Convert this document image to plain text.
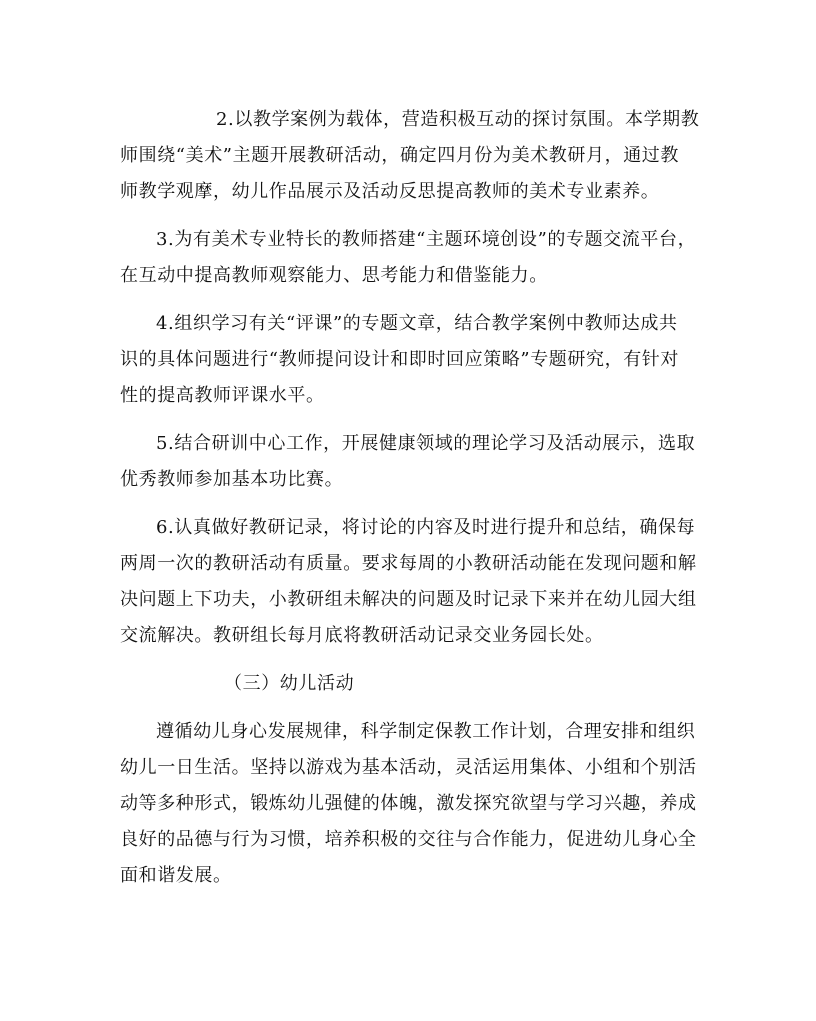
2.以教学案例为载体，营造积极互动的探讨氛围。本学期教
师围绕“美术”主题开展教研活动，确定四月份为美术教研月，通过教
师教学观摩，幼儿作品展示及活动反思提高教师的美术专业素养。
3.为有美术专业特长的教师搭建“主题环境创设”的专题交流平台，
在互动中提高教师观察能力、思考能力和借鉴能力。
4.组织学习有关“评课”的专题文章，结合教学案例中教师达成共
识的具体问题进行“教师提问设计和即时回应策略”专题研究，有针对
性的提高教师评课水平。
5.结合研训中心工作，开展健康领域的理论学习及活动展示，选取
优秀教师参加基本功比赛。
6.认真做好教研记录，将讨论的内容及时进行提升和总结，确保每
两周一次的教研活动有质量。要求每周的小教研活动能在发现问题和解
决问题上下功夫，小教研组未解决的问题及时记录下来并在幼儿园大组
交流解决。教研组长每月底将教研活动记录交业务园长处。
（三）幼儿活动
遵循幼儿身心发展规律，科学制定保教工作计划，合理安排和组织
幼儿一日生活。坚持以游戏为基本活动，灵活运用集体、小组和个别活
动等多种形式，锻炼幼儿强健的体魄，激发探究欲望与学习兴趣，养成
良好的品德与行为习惯，培养积极的交往与合作能力，促进幼儿身心全
面和谐发展。
